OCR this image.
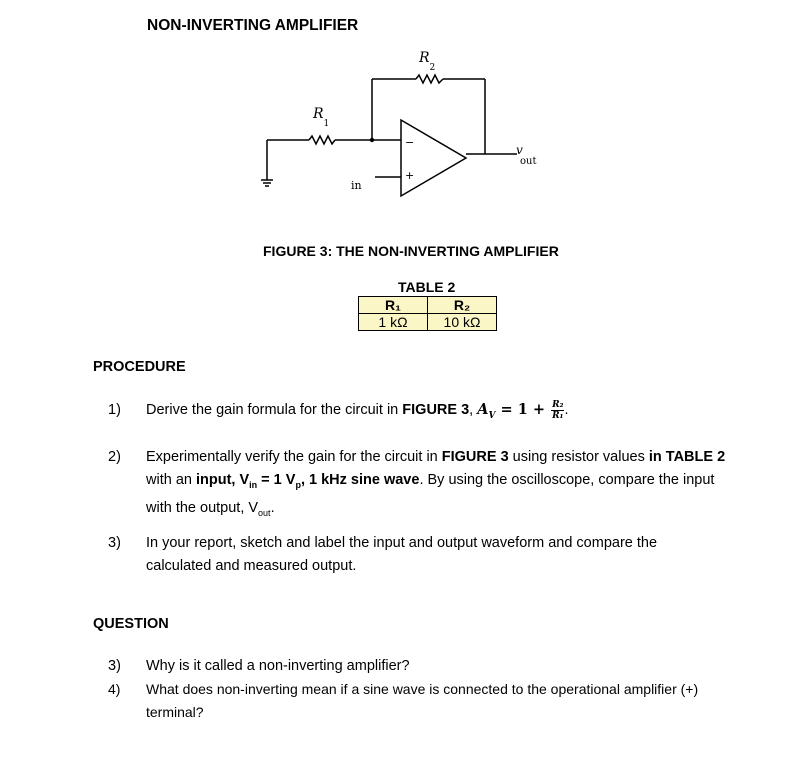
NON-INVERTING AMPLIFIER
$R_1$
$R_2$
−
+
in
v out
FIGURE 3: THE NON-INVERTING AMPLIFIER
TABLE 2
R₁	R₂
1 kΩ	10 kΩ
PROCEDURE
1) Derive the gain formula for the circuit in FIGURE 3, $A_V = 1 + \frac{\text{R₂}}{\text{R₁}}$ .
2) Experimentally verify the gain for the circuit in FIGURE 3 using resistor values in TABLE 2
with an input, $V_{in} = 1$ $V_p$, 1 kHz sine wave. By using the oscilloscope, compare the input
with the output, $V_{out}$.
3) In your report, sketch and label the input and output waveform and compare the
calculated and measured output.
QUESTION
3) Why is it called a non-inverting amplifier?
4) What does non-inverting mean if a sine wave is connected to the operational amplifier (+)
terminal?
